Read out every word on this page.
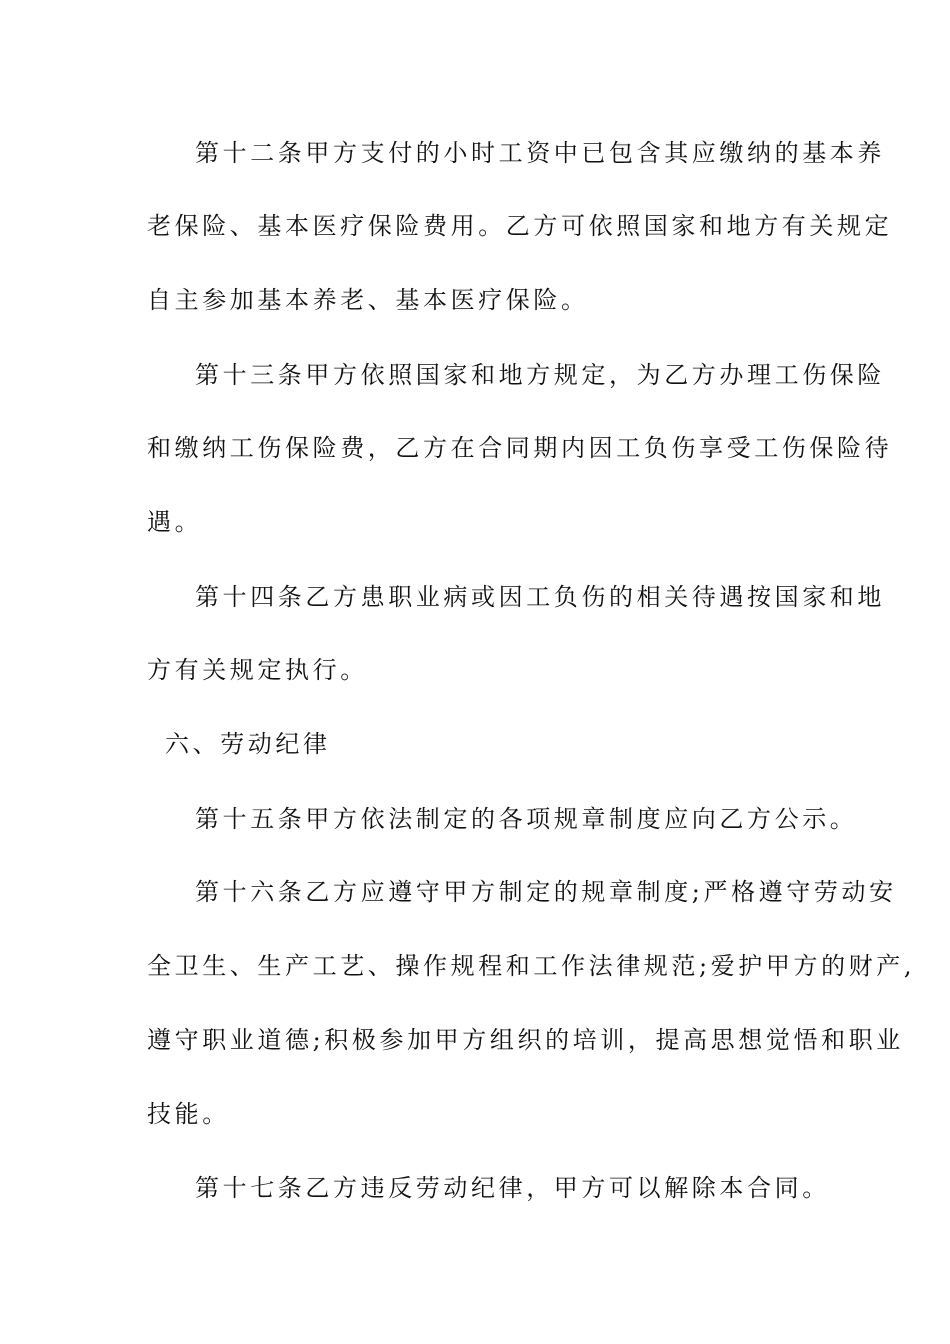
第十二条甲方支付的小时工资中已包含其应缴纳的基本养
老保险、基本医疗保险费用。乙方可依照国家和地方有关规定
自主参加基本养老、基本医疗保险。
第十三条甲方依照国家和地方规定，为乙方办理工伤保险
和缴纳工伤保险费，乙方在合同期内因工负伤享受工伤保险待
遇。
第十四条乙方患职业病或因工负伤的相关待遇按国家和地
方有关规定执行。
六、劳动纪律
第十五条甲方依法制定的各项规章制度应向乙方公示。
第十六条乙方应遵守甲方制定的规章制度;严格遵守劳动安
全卫生、生产工艺、操作规程和工作法律规范;爱护甲方的财产,
遵守职业道德;积极参加甲方组织的培训，提高思想觉悟和职业
技能。
第十七条乙方违反劳动纪律，甲方可以解除本合同。
